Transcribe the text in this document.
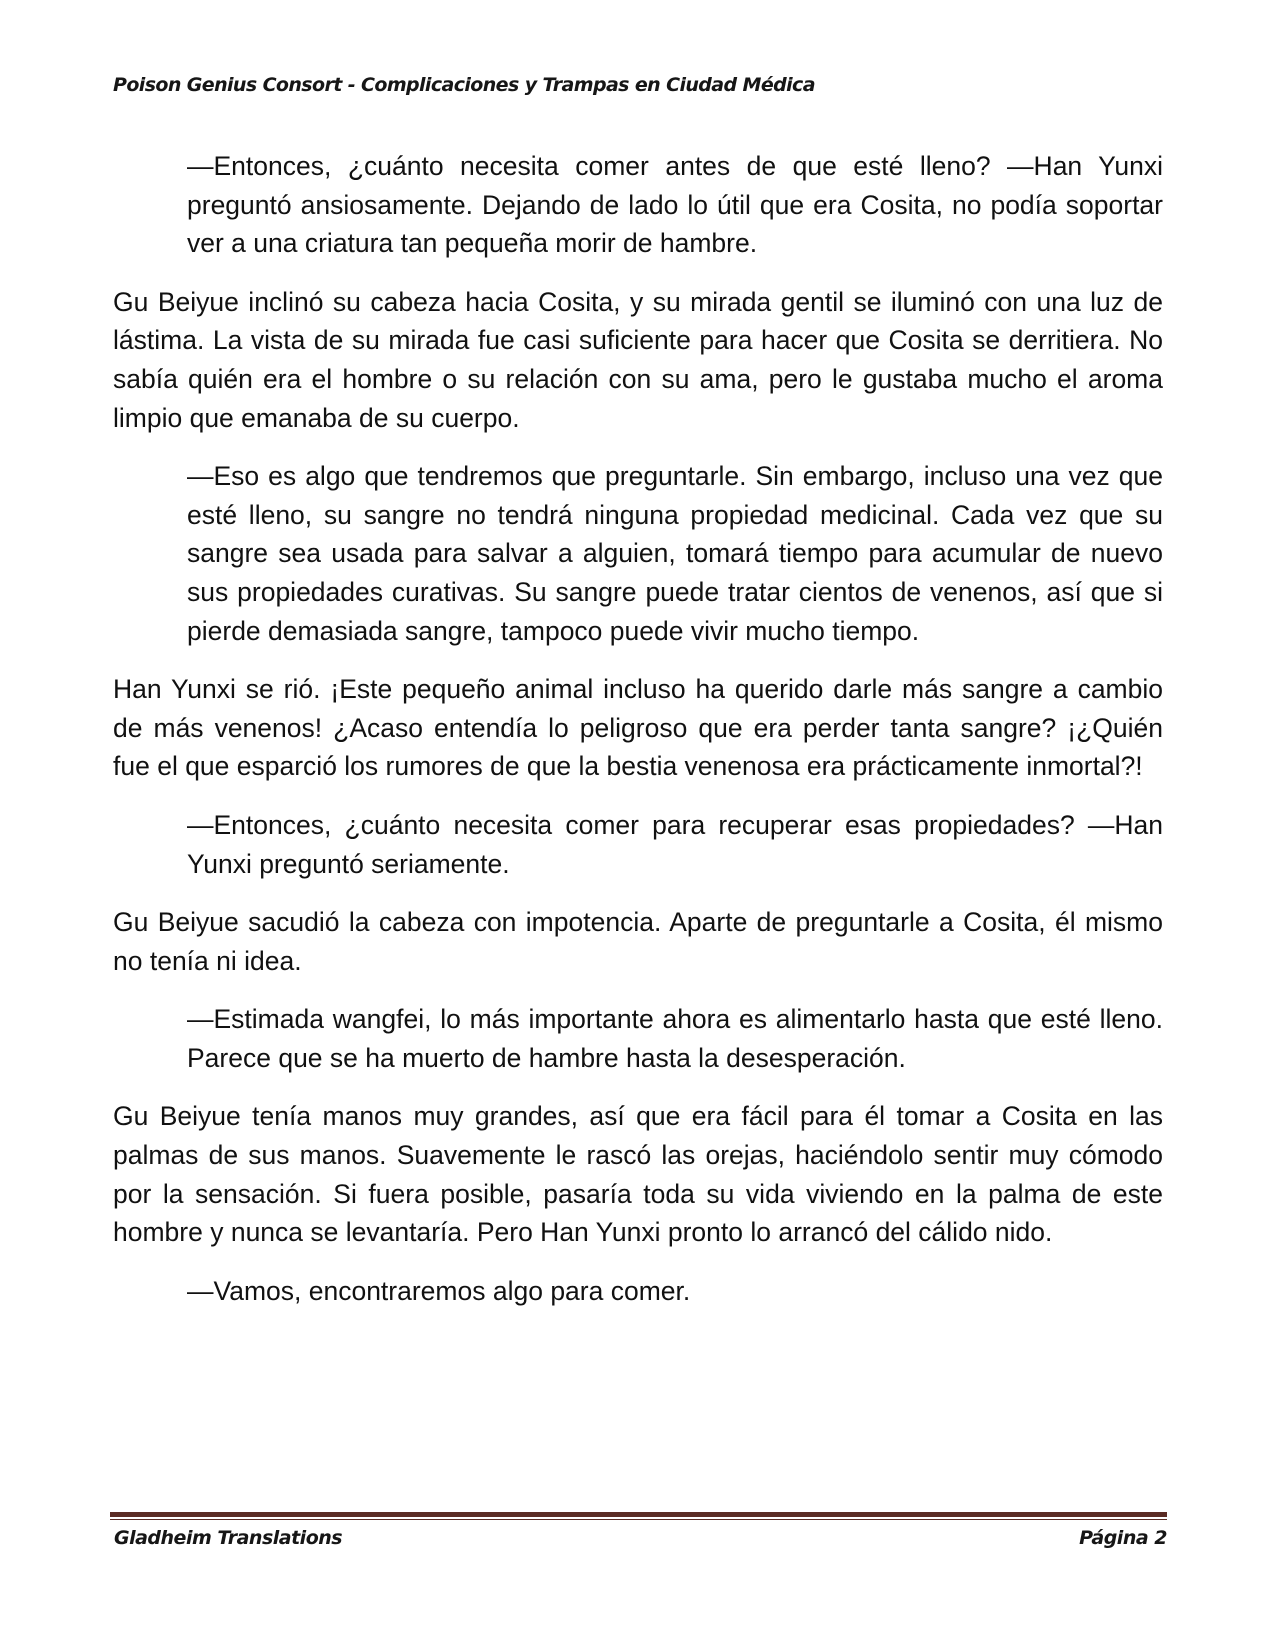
Poison Genius Consort - Complicaciones y Trampas en Ciudad Médica

—Entonces, ¿cuánto necesita comer antes de que esté lleno? —Han Yunxi preguntó ansiosamente. Dejando de lado lo útil que era Cosita, no podía soportar ver a una criatura tan pequeña morir de hambre.

Gu Beiyue inclinó su cabeza hacia Cosita, y su mirada gentil se iluminó con una luz de lástima. La vista de su mirada fue casi suficiente para hacer que Cosita se derritiera. No sabía quién era el hombre o su relación con su ama, pero le gustaba mucho el aroma limpio que emanaba de su cuerpo.

—Eso es algo que tendremos que preguntarle. Sin embargo, incluso una vez que esté lleno, su sangre no tendrá ninguna propiedad medicinal. Cada vez que su sangre sea usada para salvar a alguien, tomará tiempo para acumular de nuevo sus propiedades curativas. Su sangre puede tratar cientos de venenos, así que si pierde demasiada sangre, tampoco puede vivir mucho tiempo.

Han Yunxi se rió. ¡Este pequeño animal incluso ha querido darle más sangre a cambio de más venenos! ¿Acaso entendía lo peligroso que era perder tanta sangre? ¡¿Quién fue el que esparció los rumores de que la bestia venenosa era prácticamente inmortal?!

—Entonces, ¿cuánto necesita comer para recuperar esas propiedades? —Han Yunxi preguntó seriamente.

Gu Beiyue sacudió la cabeza con impotencia. Aparte de preguntarle a Cosita, él mismo no tenía ni idea.

—Estimada wangfei, lo más importante ahora es alimentarlo hasta que esté lleno. Parece que se ha muerto de hambre hasta la desesperación.

Gu Beiyue tenía manos muy grandes, así que era fácil para él tomar a Cosita en las palmas de sus manos. Suavemente le rascó las orejas, haciéndolo sentir muy cómodo por la sensación. Si fuera posible, pasaría toda su vida viviendo en la palma de este hombre y nunca se levantaría. Pero Han Yunxi pronto lo arrancó del cálido nido.

—Vamos, encontraremos algo para comer.

Gladheim Translations	Página 2
